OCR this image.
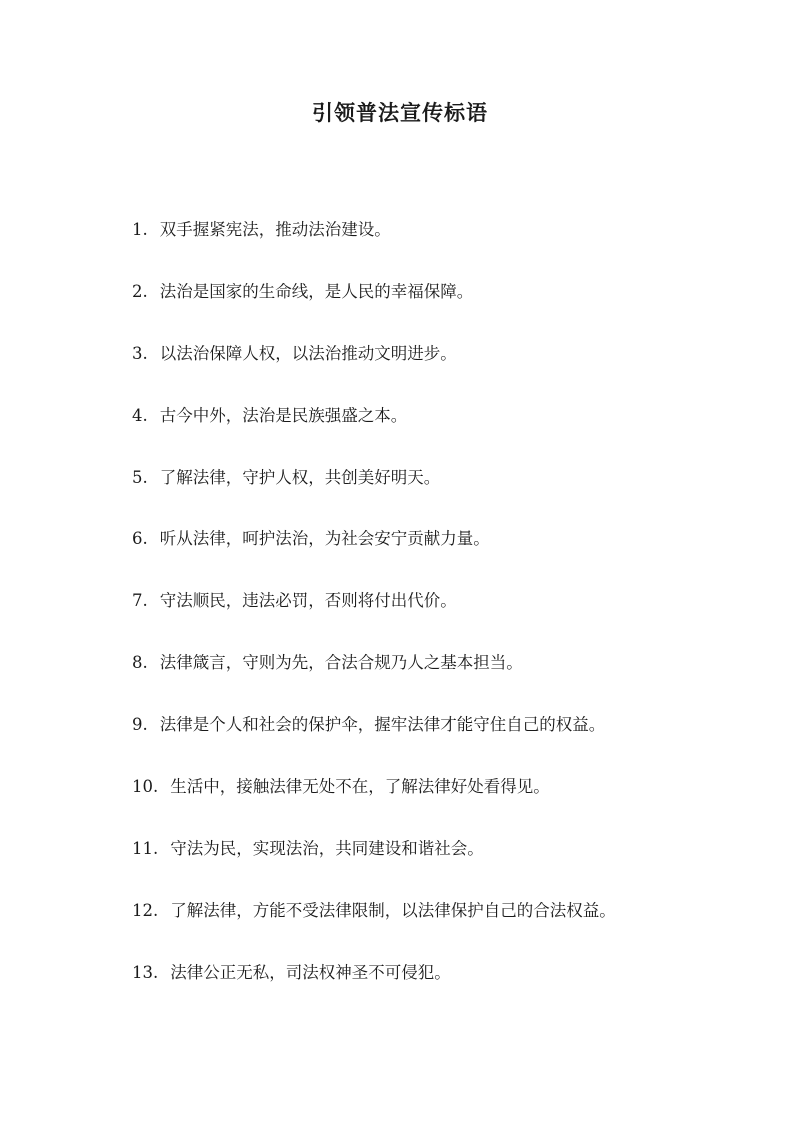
引领普法宣传标语
1. 双手握紧宪法，推动法治建设。
2. 法治是国家的生命线，是人民的幸福保障。
3. 以法治保障人权，以法治推动文明进步。
4. 古今中外，法治是民族强盛之本。
5. 了解法律，守护人权，共创美好明天。
6. 听从法律，呵护法治，为社会安宁贡献力量。
7. 守法顺民，违法必罚，否则将付出代价。
8. 法律箴言，守则为先，合法合规乃人之基本担当。
9. 法律是个人和社会的保护伞，握牢法律才能守住自己的权益。
10. 生活中，接触法律无处不在，了解法律好处看得见。
11. 守法为民，实现法治，共同建设和谐社会。
12. 了解法律，方能不受法律限制，以法律保护自己的合法权益。
13. 法律公正无私，司法权神圣不可侵犯。
